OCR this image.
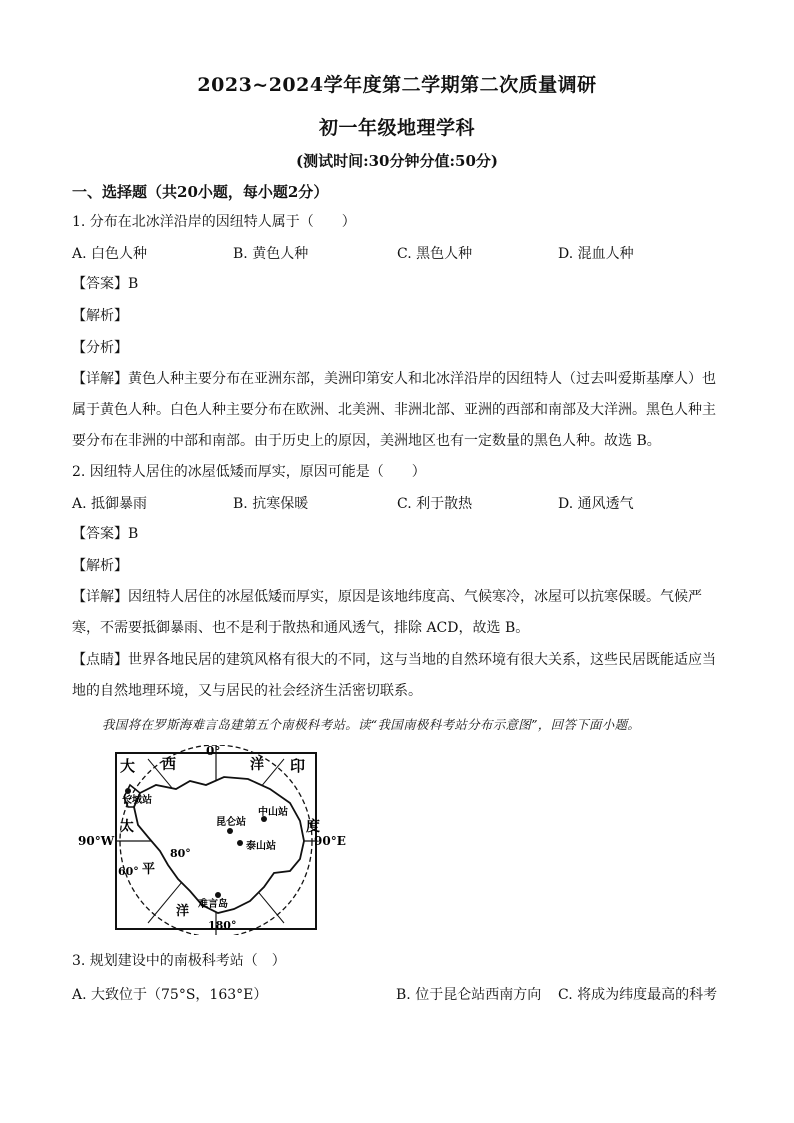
2023~2024学年度第二学期第二次质量调研
初一年级地理学科
(测试时间:30分钟分值:50分)
一、选择题（共20小题，每小题2分）
1. 分布在北冰洋沿岸的因纽特人属于（　　）
A. 白色人种	B. 黄色人种	C. 黑色人种	D. 混血人种
【答案】B
【解析】
【分析】
【详解】黄色人种主要分布在亚洲东部，美洲印第安人和北冰洋沿岸的因纽特人（过去叫爱斯基摩人）也
属于黄色人种。白色人种主要分布在欧洲、北美洲、非洲北部、亚洲的西部和南部及大洋洲。黑色人种主
要分布在非洲的中部和南部。由于历史上的原因，美洲地区也有一定数量的黑色人种。故选 B。
2. 因纽特人居住的冰屋低矮而厚实，原因可能是（　　）
A. 抵御暴雨	B. 抗寒保暖	C. 利于散热	D. 通风透气
【答案】B
【解析】
【详解】因纽特人居住的冰屋低矮而厚实，原因是该地纬度高、气候寒冷，冰屋可以抗寒保暖。气候严
寒，不需要抵御暴雨、也不是利于散热和通风透气，排除 ACD，故选 B。
【点睛】世界各地民居的建筑风格有很大的不同，这与当地的自然环境有很大关系，这些民居既能适应当
地的自然地理环境，又与居民的社会经济生活密切联系。
我国将在罗斯海难言岛建第五个南极科考站。读“我国南极科考站分布示意图”，回答下面小题。
大 西	洋 印
0°
长城站
昆仑站
中山站
泰山站
90°W	90°E
太	度
80°
60° 平
难言岛
洋
180°
3. 规划建设中的南极科考站（　）
A. 大致位于（75°S，163°E）	B. 位于昆仑站西南方向 C. 将成为纬度最高的科考
